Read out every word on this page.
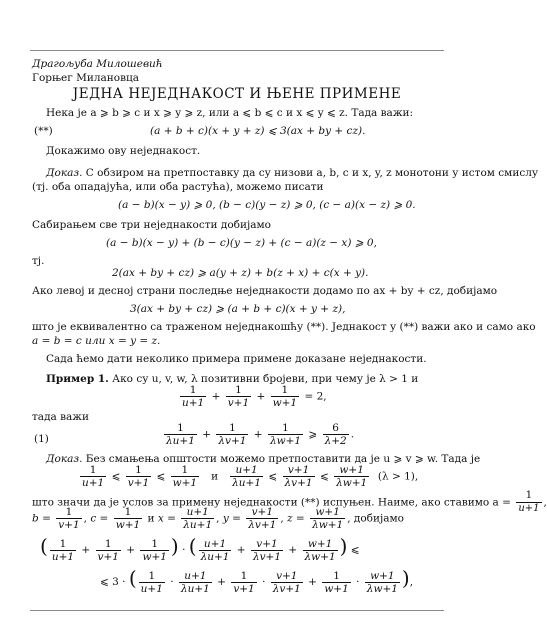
Драгољуба Милошевић
Горњег Милановца
ЈЕДНА НЕЈЕДНАКОСТ И ЊЕНЕ ПРИМЕНЕ
Нека је a ⩾ b ⩾ c и x ⩾ y ⩾ z, или a ⩽ b ⩽ c и x ⩽ y ⩽ z. Тада важи:
(**)	(a + b + c)(x + y + z) ⩽ 3(ax + by + cz).
Докажимо ову неједнакост.
Доказ. С обзиром на претпоставку да су низови a, b, c и x, y, z монотони у истом смислу
(тј. оба опадајућа, или оба растућа), можемо писати
(a − b)(x − y) ⩾ 0, (b − c)(y − z) ⩾ 0, (c − a)(x − z) ⩾ 0.
Сабирањем све три неједнакости добијамо
(a − b)(x − y) + (b − c)(y − z) + (c − a)(z − x) ⩾ 0,
тј.
2(ax + by + cz) ⩾ a(y + z) + b(z + x) + c(x + y).
Ако левој и десној страни последње неједнакости додамо по ax + by + cz, добијамо
3(ax + by + cz) ⩾ (a + b + c)(x + y + z),
што је еквивалентно са траженом неједнакошћу (**). Једнакост у (**) важи ако и само ако
a = b = c или x = y = z.
Сада ћемо дати неколико примера примене доказане неједнакости.
Пример 1. Ако су u, v, w, λ позитивни бројеви, при чему је λ > 1 и
$\frac{1}{u+1} + \frac{1}{v+1} + \frac{1}{w+1} = 2$,
тада важи
(1)	$\frac{1}{\lambda u+1} + \frac{1}{\lambda v+1} + \frac{1}{\lambda w+1}$ ⩾ $\frac{6}{\lambda+2}$ .
Доказ. Без смањења општости можемо претпоставити да је u ⩾ v ⩾ w. Тада је
$\frac{1}{u+1}$ ⩽ $\frac{1}{v+1}$ ⩽ $\frac{1}{w+1}$ и $\frac{u+1}{\lambda u+1}$ ⩽ $\frac{v+1}{\lambda v+1}$ ⩽ $\frac{w+1}{\lambda w+1} (\lambda > 1)$,
што значи да је услов за примену неједнакости (**) испуњен. Наиме, ако ставимо $a = \frac{1}{u+1}$ ,
$b = \frac{1}{v+1}$ , $c = \frac{1}{w+1}$ и $x = \frac{u+1}{\lambda u+1}$ , $y = \frac{v+1}{\lambda v+1}$ , $z = \frac{w+1}{\lambda w+1}$ , добијамо
( $\frac{1}{u+1} + \frac{1}{v+1} + \frac{1}{w+1}$ ) · ( $\frac{u+1}{\lambda u+1} + \frac{v+1}{\lambda v+1} + \frac{w+1}{\lambda w+1}$ ) ⩽
⩽ 3 · ( $\frac{1}{u+1} \cdot \frac{u+1}{\lambda u+1} + \frac{1}{v+1} \cdot \frac{v+1}{\lambda v+1} + \frac{1}{w+1} \cdot \frac{w+1}{\lambda w+1}$ ),
